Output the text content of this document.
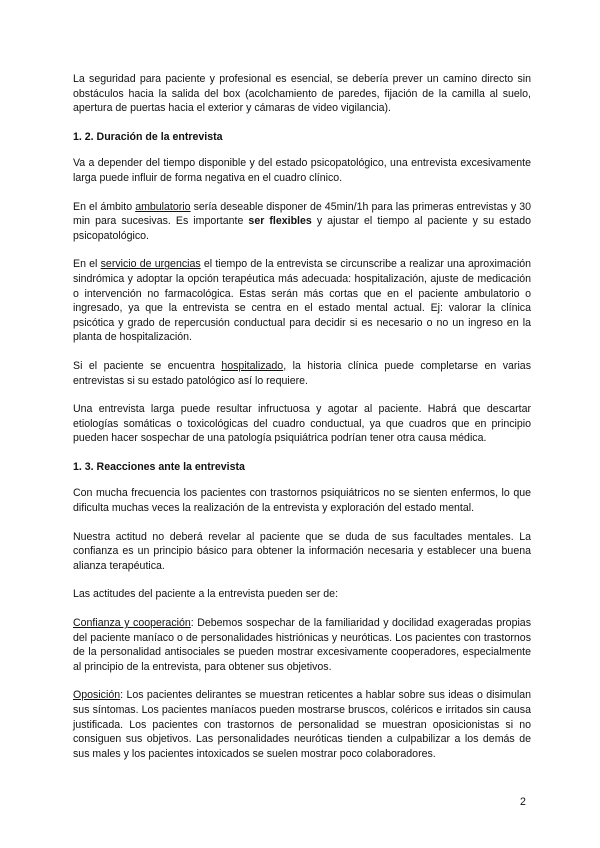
La seguridad para paciente y profesional es esencial, se debería prever un camino directo sin obstáculos hacia la salida del box (acolchamiento de paredes, fijación de la camilla al suelo, apertura de puertas hacia el exterior y cámaras de video vigilancia).

1. 2. Duración de la entrevista

Va a depender del tiempo disponible y del estado psicopatológico, una entrevista excesivamente larga puede influir de forma negativa en el cuadro clínico.

En el ámbito ambulatorio sería deseable disponer de 45min/1h para las primeras entrevistas y 30 min para sucesivas. Es importante ser flexibles y ajustar el tiempo al paciente y su estado psicopatológico.

En el servicio de urgencias el tiempo de la entrevista se circunscribe a realizar una aproximación sindrómica y adoptar la opción terapéutica más adecuada: hospitalización, ajuste de medicación o intervención no farmacológica. Estas serán más cortas que en el paciente ambulatorio o ingresado, ya que la entrevista se centra en el estado mental actual. Ej: valorar la clínica psicótica y grado de repercusión conductual para decidir si es necesario o no un ingreso en la planta de hospitalización.

Si el paciente se encuentra hospitalizado, la historia clínica puede completarse en varias entrevistas si su estado patológico así lo requiere.

Una entrevista larga puede resultar infructuosa y agotar al paciente. Habrá que descartar etiologías somáticas o toxicológicas del cuadro conductual, ya que cuadros que en principio pueden hacer sospechar de una patología psiquiátrica podrían tener otra causa médica.

1. 3. Reacciones ante la entrevista

Con mucha frecuencia los pacientes con trastornos psiquiátricos no se sienten enfermos, lo que dificulta muchas veces la realización de la entrevista y exploración del estado mental.

Nuestra actitud no deberá revelar al paciente que se duda de sus facultades mentales. La confianza es un principio básico para obtener la información necesaria y establecer una buena alianza terapéutica.

Las actitudes del paciente a la entrevista pueden ser de:

Confianza y cooperación: Debemos sospechar de la familiaridad y docilidad exageradas propias del paciente maníaco o de personalidades histriónicas y neuróticas. Los pacientes con trastornos de la personalidad antisociales se pueden mostrar excesivamente cooperadores, especialmente al principio de la entrevista, para obtener sus objetivos.

Oposición: Los pacientes delirantes se muestran reticentes a hablar sobre sus ideas o disimulan sus síntomas. Los pacientes maníacos pueden mostrarse bruscos, coléricos e irritados sin causa justificada. Los pacientes con trastornos de personalidad se muestran oposicionistas si no consiguen sus objetivos. Las personalidades neuróticas tienden a culpabilizar a los demás de sus males y los pacientes intoxicados se suelen mostrar poco colaboradores.

2
